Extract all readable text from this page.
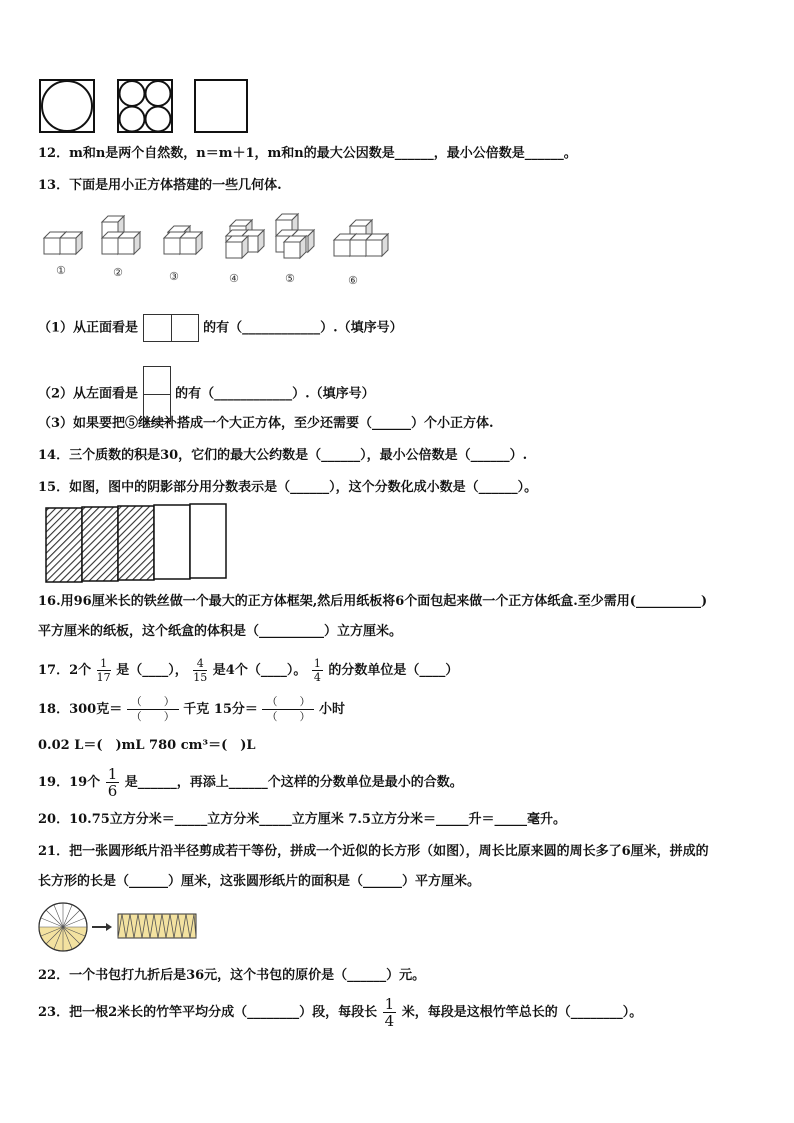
12．m和n是两个自然数，n＝m＋1，m和n的最大公因数是______，最小公倍数是______。
13．下面是用小正方体搭建的一些几何体.
①	②	③	④	⑤	⑥
（1）从正面看是	的有（____________）.（填序号）
（2）从左面看是	的有（____________）.（填序号）
（3）如果要把⑤继续补搭成一个大正方体，至少还需要（______）个小正方体.
14．三个质数的积是30，它们的最大公约数是（______），最小公倍数是（______）.
15．如图，图中的阴影部分用分数表示是（______），这个分数化成小数是（______）。
16.用96厘米长的铁丝做一个最大的正方体框架,然后用纸板将6个面包起来做一个正方体纸盒.至少需用(__________)
平方厘米的纸板，这个纸盒的体积是（__________）立方厘米。
17．2个 $\frac{1}{17}$ 是（____）， $\frac{4}{15}$ 是4个（____）。 $\frac{1}{4}$ 的分数单位是（____）
18．300克＝ $\frac{( )}{( )}$ 千克 15分＝ $\frac{( )}{( )}$ 小时
0.02 L＝(　)mL 780 cm³＝(　)L
19．19个 $\frac{1}{6}$ 是______，再添上______个这样的分数单位是最小的合数。
20．10.75立方分米＝_____立方分米_____立方厘米 7.5立方分米＝_____升＝_____毫升。
21．把一张圆形纸片沿半径剪成若干等份，拼成一个近似的长方形（如图），周长比原来圆的周长多了6厘米，拼成的
长方形的长是（______）厘米，这张圆形纸片的面积是（______）平方厘米。
22．一个书包打九折后是36元，这个书包的原价是（______）元。
23．把一根2米长的竹竿平均分成（________）段，每段长 $\frac{1}{4}$ 米，每段是这根竹竿总长的（________）。
